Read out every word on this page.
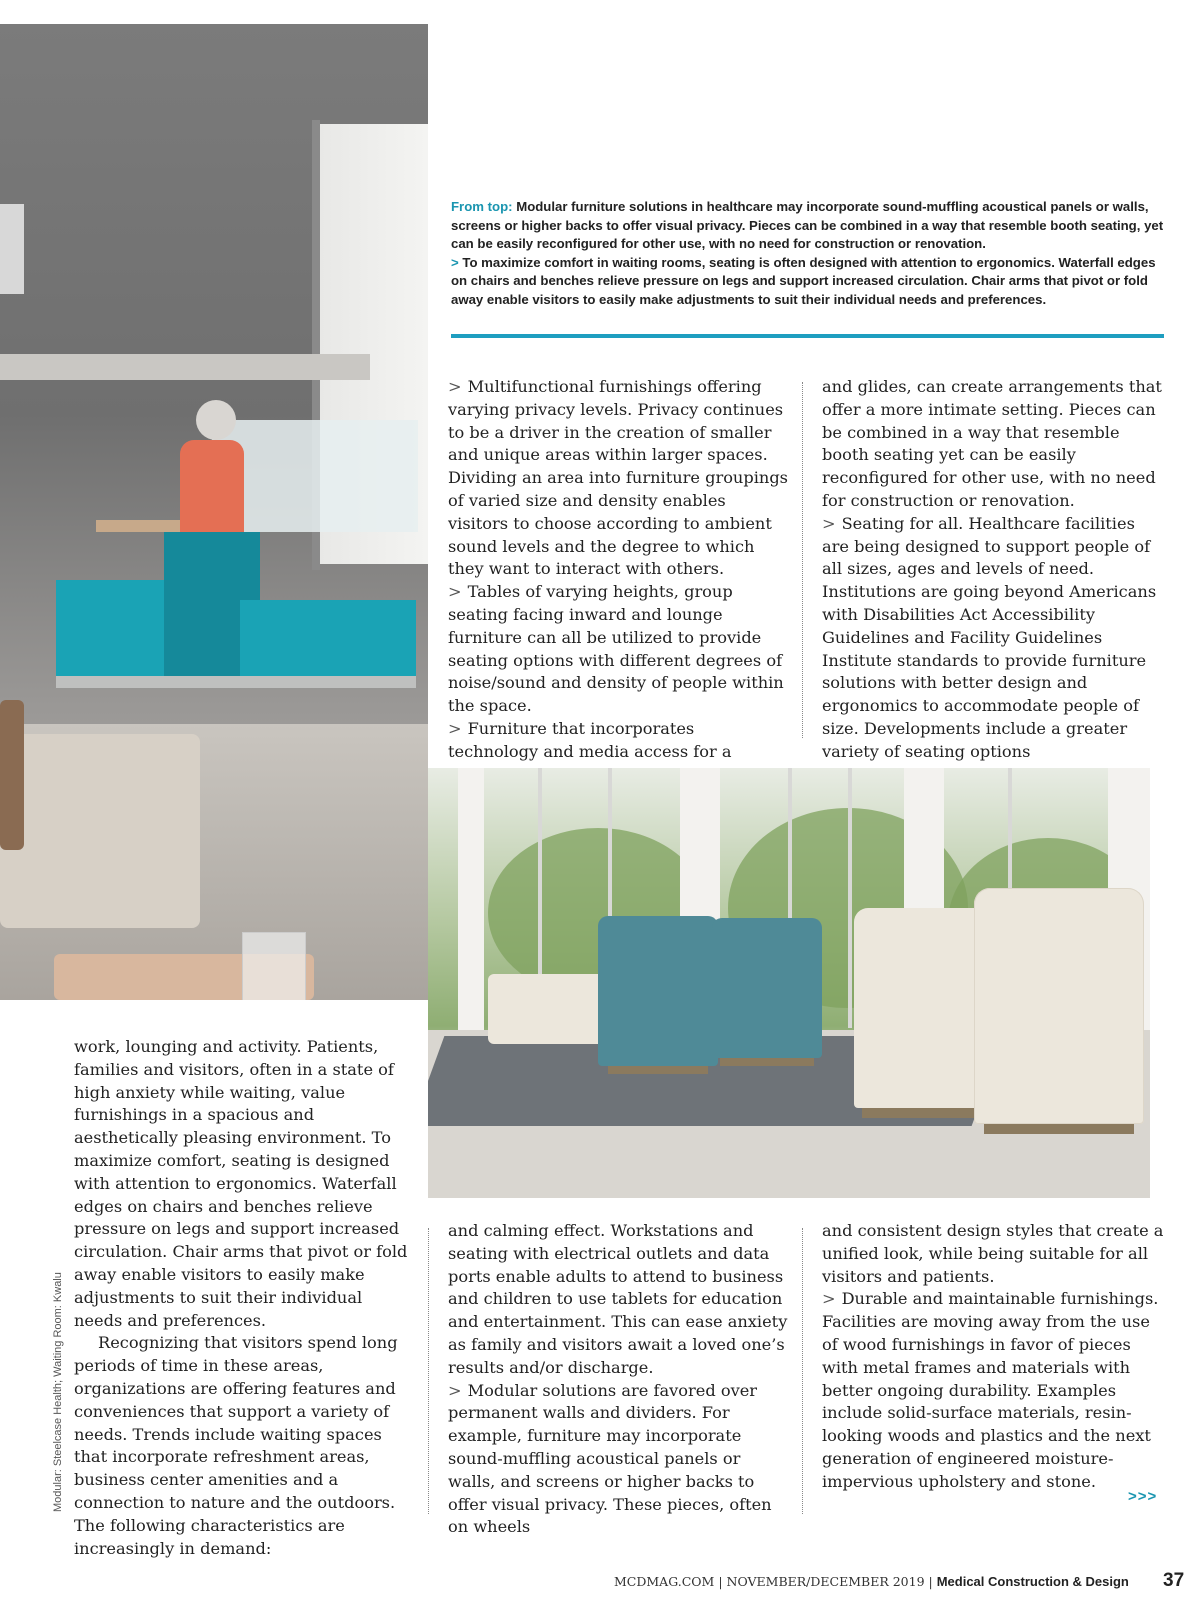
From top: Modular furniture solutions in healthcare may incorporate sound-muffling acoustical panels or walls, screens or higher backs to offer visual privacy. Pieces can be combined in a way that resemble booth seating, yet can be easily reconfigured for other use, with no need for construction or renovation.
> To maximize comfort in waiting rooms, seating is often designed with attention to ergonomics. Waterfall edges on chairs and benches relieve pressure on legs and support increased circulation. Chair arms that pivot or fold away enable visitors to easily make adjustments to suit their individual needs and preferences.

> Multifunctional furnishings offering varying privacy levels. Privacy continues to be a driver in the creation of smaller and unique areas within larger spaces. Dividing an area into furniture groupings of varied size and density enables visitors to choose according to ambient sound levels and the degree to which they want to interact with others.

> Tables of varying heights, group seating facing inward and lounge furniture can all be utilized to provide seating options with different degrees of noise/sound and density of people within the space.

> Furniture that incorporates technology and media access for a

and glides, can create arrangements that offer a more intimate setting. Pieces can be combined in a way that resemble booth seating yet can be easily reconfigured for other use, with no need for construction or renovation.

> Seating for all. Healthcare facilities are being designed to support people of all sizes, ages and levels of need. Institutions are going beyond Americans with Disabilities Act Accessibility Guidelines and Facility Guidelines Institute standards to provide furniture solutions with better design and ergonomics to accommodate people of size. Developments include a greater variety of seating options

work, lounging and activity. Patients, families and visitors, often in a state of high anxiety while waiting, value furnishings in a spacious and aesthetically pleasing environment. To maximize comfort, seating is designed with attention to ergonomics. Waterfall edges on chairs and benches relieve pressure on legs and support increased circulation. Chair arms that pivot or fold away enable visitors to easily make adjustments to suit their individual needs and preferences.

Recognizing that visitors spend long periods of time in these areas, organizations are offering features and conveniences that support a variety of needs. Trends include waiting spaces that incorporate refreshment areas, business center amenities and a connection to nature and the outdoors. The following characteristics are increasingly in demand:

and calming effect. Workstations and seating with electrical outlets and data ports enable adults to attend to business and children to use tablets for education and entertainment. This can ease anxiety as family and visitors await a loved one’s results and/or discharge.

> Modular solutions are favored over permanent walls and dividers. For example, furniture may incorporate sound-muffling acoustical panels or walls, and screens or higher backs to offer visual privacy. These pieces, often on wheels

and consistent design styles that create a unified look, while being suitable for all visitors and patients.

> Durable and maintainable furnishings. Facilities are moving away from the use of wood furnishings in favor of pieces with metal frames and materials with better ongoing durability. Examples include solid-surface materials, resin-looking woods and plastics and the next generation of engineered moisture-impervious upholstery and stone.

Modular: Steelcase Health; Waiting Room: Kwalu	>>>
MCDMAG.COM | NOVEMBER/DECEMBER 2019 | Medical Construction & Design 37
